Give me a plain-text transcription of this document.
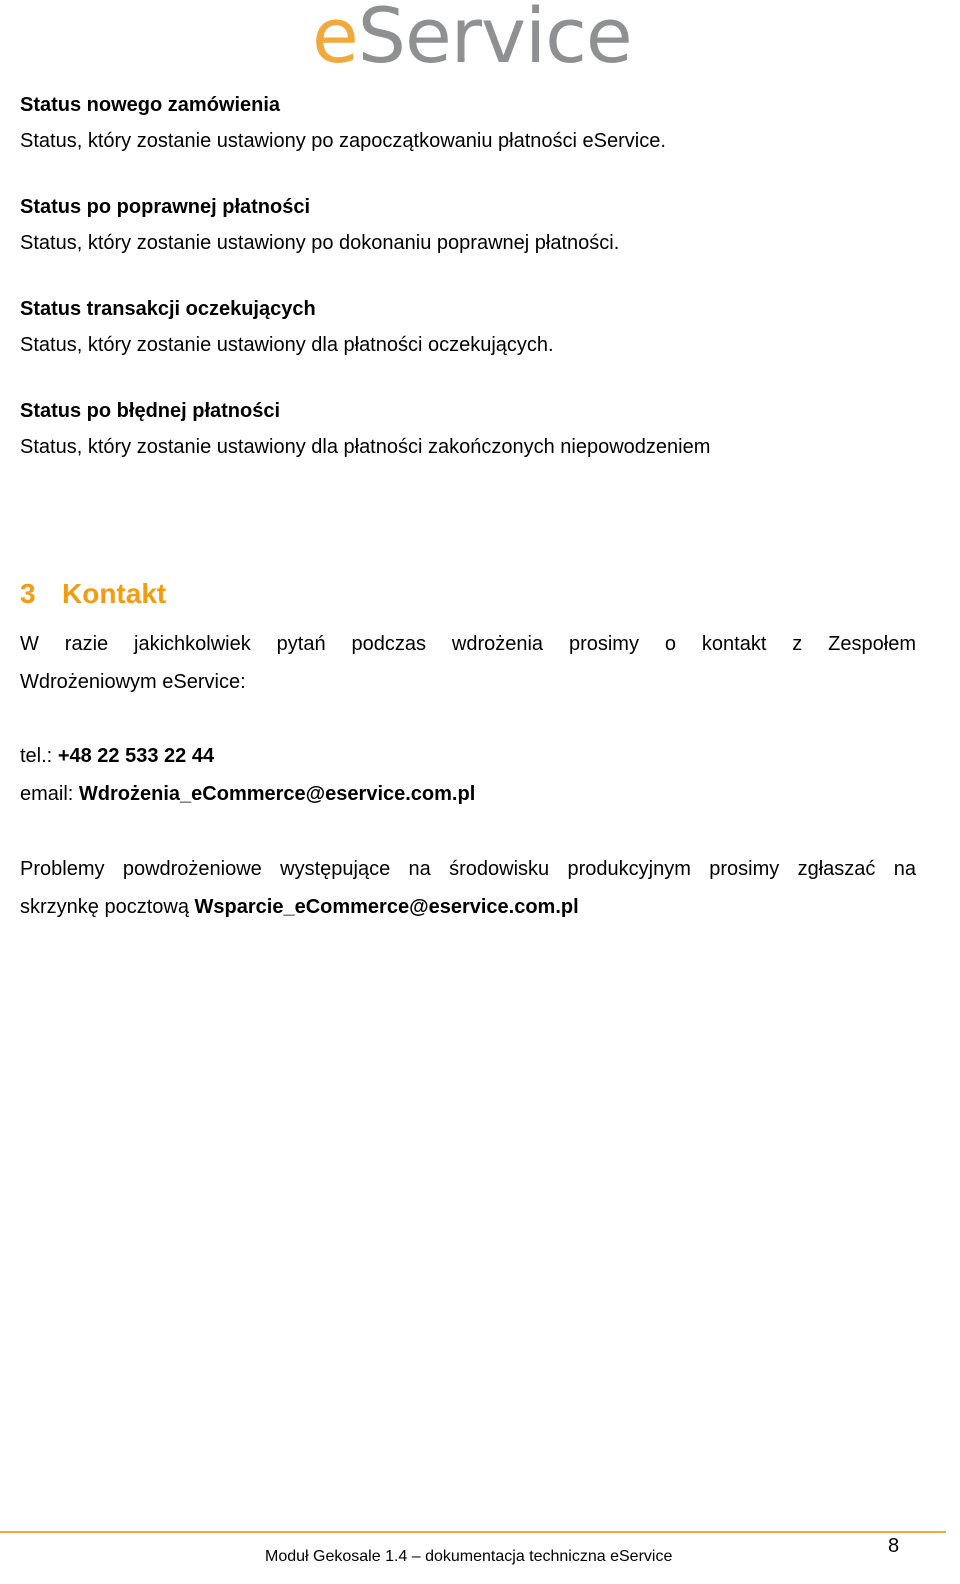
eService

Status nowego zamówienia

Status, który zostanie ustawiony po zapoczątkowaniu płatności eService.

Status po poprawnej płatności

Status, który zostanie ustawiony po dokonaniu poprawnej płatności.

Status transakcji oczekujących

Status, który zostanie ustawiony dla płatności oczekujących.

Status po błędnej płatności

Status, który zostanie ustawiony dla płatności zakończonych niepowodzeniem

3 Kontakt
W razie jakichkolwiek pytań podczas wdrożenia prosimy o kontakt z Zespołem
Wdrożeniowym eService:
tel.: +48 22 533 22 44
email: Wdrożenia_eCommerce@eservice.com.pl
Problemy powdrożeniowe występujące na środowisku produkcyjnym prosimy zgłaszać na
skrzynkę pocztową Wsparcie_eCommerce@eservice.com.pl
Moduł Gekosale 1.4 – dokumentacja techniczna eService	8
